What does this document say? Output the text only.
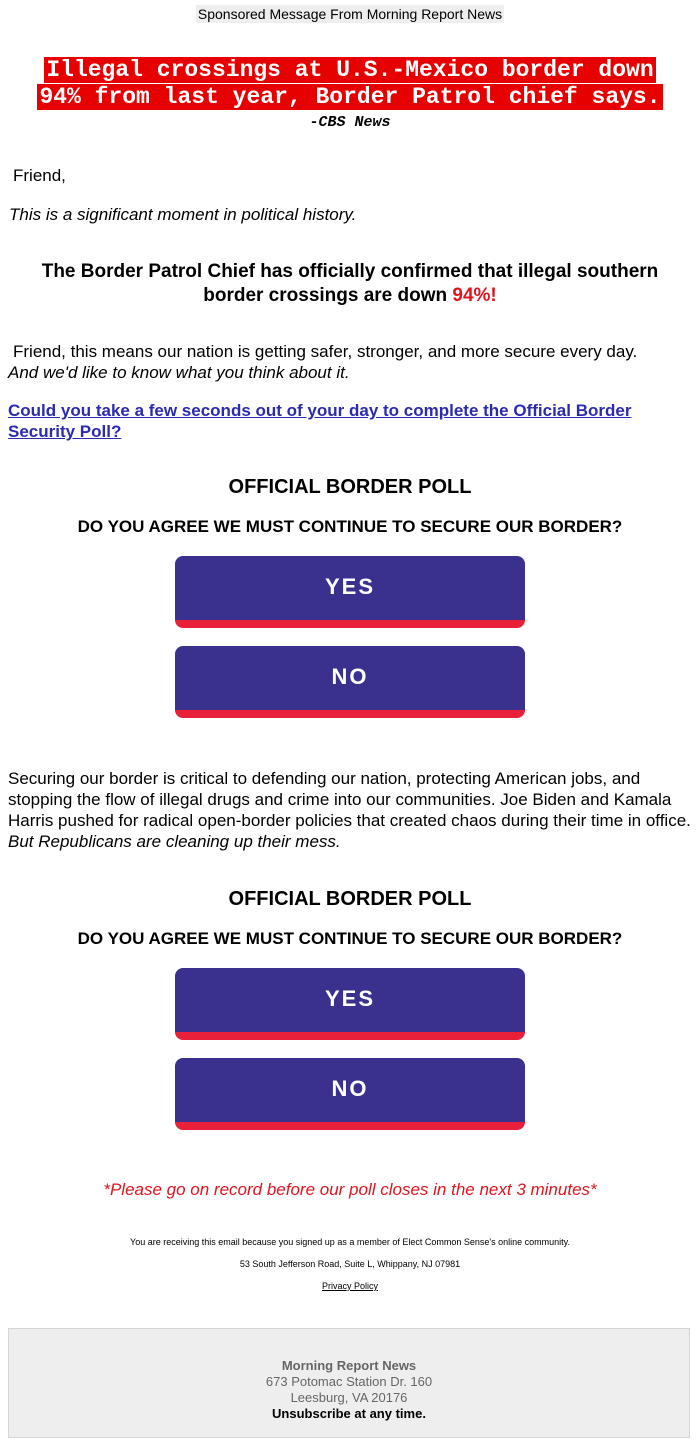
Sponsored Message From Morning Report News
Illegal crossings at U.S.-Mexico border down
94% from last year, Border Patrol chief says.
-CBS News
Friend,
This is a significant moment in political history.
The Border Patrol Chief has officially confirmed that illegal southern border crossings are down 94%!
Friend, this means our nation is getting safer, stronger, and more secure every day.
And we'd like to know what you think about it.
Could you take a few seconds out of your day to complete the Official Border Security Poll?
OFFICIAL BORDER POLL
DO YOU AGREE WE MUST CONTINUE TO SECURE OUR BORDER?
YES
NO
Securing our border is critical to defending our nation, protecting American jobs, and stopping the flow of illegal drugs and crime into our communities. Joe Biden and Kamala Harris pushed for radical open-border policies that created chaos during their time in office. But Republicans are cleaning up their mess.
OFFICIAL BORDER POLL
DO YOU AGREE WE MUST CONTINUE TO SECURE OUR BORDER?
YES
NO
*Please go on record before our poll closes in the next 3 minutes*
You are receiving this email because you signed up as a member of Elect Common Sense's online community.
53 South Jefferson Road, Suite L, Whippany, NJ 07981
Privacy Policy
Morning Report News
673 Potomac Station Dr. 160
Leesburg, VA 20176
Unsubscribe at any time.
